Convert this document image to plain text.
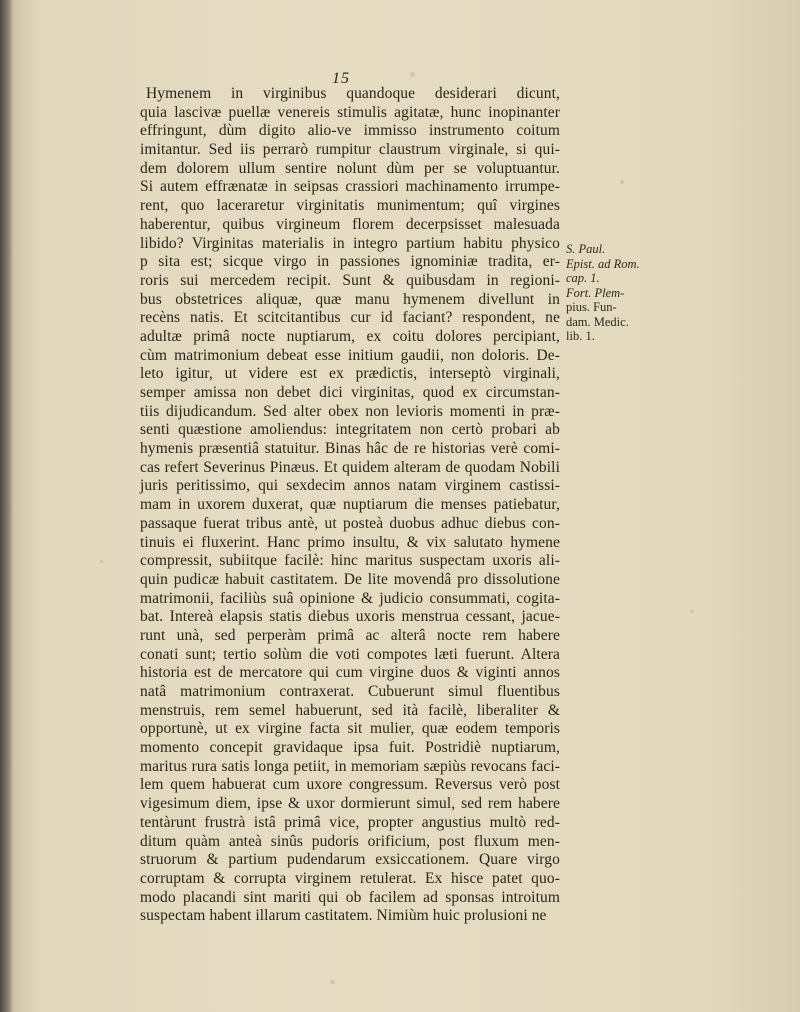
15
Hymenem in virginibus quandoque desiderari dicunt,
quia lascivæ puellæ venereis stimulis agitatæ, hunc inopinanter
effringunt, dùm digito alio-ve immisso instrumento coitum
imitantur. Sed iis perrarò rumpitur claustrum virginale, si qui-
dem dolorem ullum sentire nolunt dùm per se voluptuantur.
Si autem effrænatæ in seipsas crassiori machinamento irrumpe-
rent, quo laceraretur virginitatis munimentum; quî virgines
haberentur, quibus virgineum florem decerpsisset malesuada
libido? Virginitas materialis in integro partium habitu physico
p sita est; sicque virgo in passiones ignominiæ tradita, er-
roris sui mercedem recipit. Sunt & quibusdam in regioni-
bus obstetrices aliquæ, quæ manu hymenem divellunt in
recèns natis. Et scitcitantibus cur id faciant? respondent, ne
adultæ primâ nocte nuptiarum, ex coitu dolores percipiant,
cùm matrimonium debeat esse initium gaudii, non doloris. De-
leto igitur, ut videre est ex prædictis, interseptò virginali,
semper amissa non debet dici virginitas, quod ex circumstan-
tiis dijudicandum. Sed alter obex non levioris momenti in præ-
senti quæstione amoliendus: integritatem non certò probari ab
hymenis præsentiâ statuitur. Binas hâc de re historias verè comi-
cas refert Severinus Pinæus. Et quidem alteram de quodam Nobili
juris peritissimo, qui sexdecim annos natam virginem castissi-
mam in uxorem duxerat, quæ nuptiarum die menses patiebatur,
passaque fuerat tribus antè, ut posteà duobus adhuc diebus con-
tinuis ei fluxerint. Hanc primo insultu, & vix salutato hymene
compressit, subiitque facilè: hinc maritus suspectam uxoris ali-
quin pudicæ habuit castitatem. De lite movendâ pro dissolutione
matrimonii, faciliùs suâ opinione & judicio consummati, cogita-
bat. Intereà elapsis statis diebus uxoris menstrua cessant, jacue-
runt unà, sed perperàm primâ ac alterâ nocte rem habere
conati sunt; tertio solùm die voti compotes læti fuerunt. Altera
historia est de mercatore qui cum virgine duos & viginti annos
natâ matrimonium contraxerat. Cubuerunt simul fluentibus
menstruis, rem semel habuerunt, sed ità facilè, liberaliter &
opportunè, ut ex virgine facta sit mulier, quæ eodem temporis
momento concepit gravidaque ipsa fuit. Postridiè nuptiarum,
maritus rura satis longa petiit, in memoriam sæpiùs revocans faci-
lem quem habuerat cum uxore congressum. Reversus verò post
vigesimum diem, ipse & uxor dormierunt simul, sed rem habere
tentàrunt frustrà istâ primâ vice, propter angustius multò red-
ditum quàm anteà sinûs pudoris orificium, post fluxum men-
struorum & partium pudendarum exsiccationem. Quare virgo
corruptam & corrupta virginem retulerat. Ex hisce patet quo-
modo placandi sint mariti qui ob facilem ad sponsas introitum
suspectam habent illarum castitatem. Nimiùm huic prolusioni ne
S. Paul.
Epist. ad Rom.
cap. 1.
Fort. Plem-
pius. Fun-
dam. Medic.
lib. 1.
